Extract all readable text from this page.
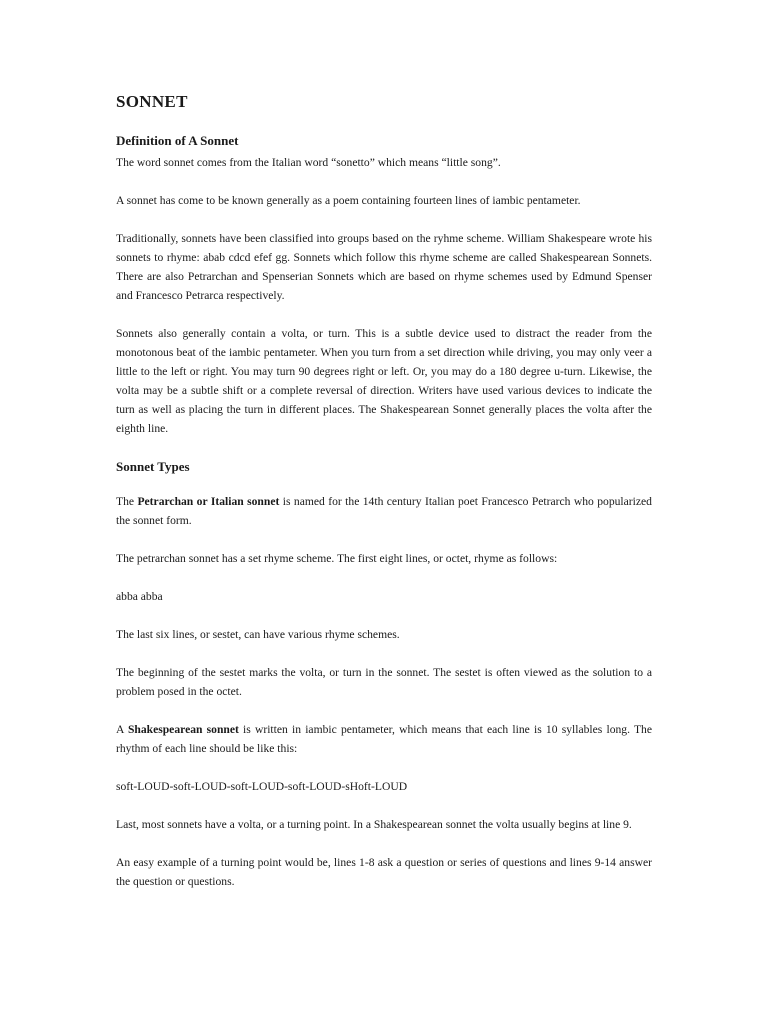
SONNET
Definition of A Sonnet

The word sonnet comes from the Italian word “sonetto” which means “little song”.

A sonnet has come to be known generally as a poem containing fourteen lines of iambic pentameter.

Traditionally, sonnets have been classified into groups based on the ryhme scheme. William Shakespeare wrote his sonnets to rhyme: abab cdcd efef gg. Sonnets which follow this rhyme scheme are called Shakespearean Sonnets. There are also Petrarchan and Spenserian Sonnets which are based on rhyme schemes used by Edmund Spenser and Francesco Petrarca respectively.

Sonnets also generally contain a volta, or turn. This is a subtle device used to distract the reader from the monotonous beat of the iambic pentameter. When you turn from a set direction while driving, you may only veer a little to the left or right. You may turn 90 degrees right or left. Or, you may do a 180 degree u-turn. Likewise, the volta may be a subtle shift or a complete reversal of direction. Writers have used various devices to indicate the turn as well as placing the turn in different places. The Shakespearean Sonnet generally places the volta after the eighth line.

Sonnet Types

The Petrarchan or Italian sonnet is named for the 14th century Italian poet Francesco Petrarch who popularized the sonnet form.

The petrarchan sonnet has a set rhyme scheme. The first eight lines, or octet, rhyme as follows:

abba abba

The last six lines, or sestet, can have various rhyme schemes.

The beginning of the sestet marks the volta, or turn in the sonnet. The sestet is often viewed as the solution to a problem posed in the octet.

A Shakespearean sonnet is written in iambic pentameter, which means that each line is 10 syllables long. The rhythm of each line should be like this:

soft-LOUD-soft-LOUD-soft-LOUD-soft-LOUD-sHoft-LOUD

Last, most sonnets have a volta, or a turning point. In a Shakespearean sonnet the volta usually begins at line 9.

An easy example of a turning point would be, lines 1-8 ask a question or series of questions and lines 9-14 answer the question or questions.
